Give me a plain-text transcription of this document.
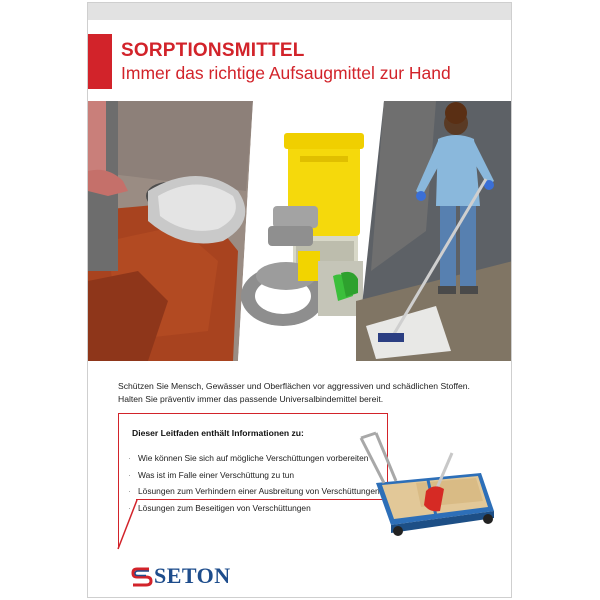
SORPTIONSMITTEL
Immer das richtige Aufsaugmittel zur Hand
Schützen Sie Mensch, Gewässer und Oberflächen vor aggressiven und schädlichen Stoffen.
Halten Sie präventiv immer das passende Universalbindemittel bereit.
Dieser Leitfaden enthält Informationen zu:
· Wie können Sie sich auf mögliche Verschüttungen vorbereiten
· Was ist im Falle einer Verschüttung zu tun
· Lösungen zum Verhindern einer Ausbreitung von Verschüttungen
· Lösungen zum Beseitigen von Verschüttungen
SETON
